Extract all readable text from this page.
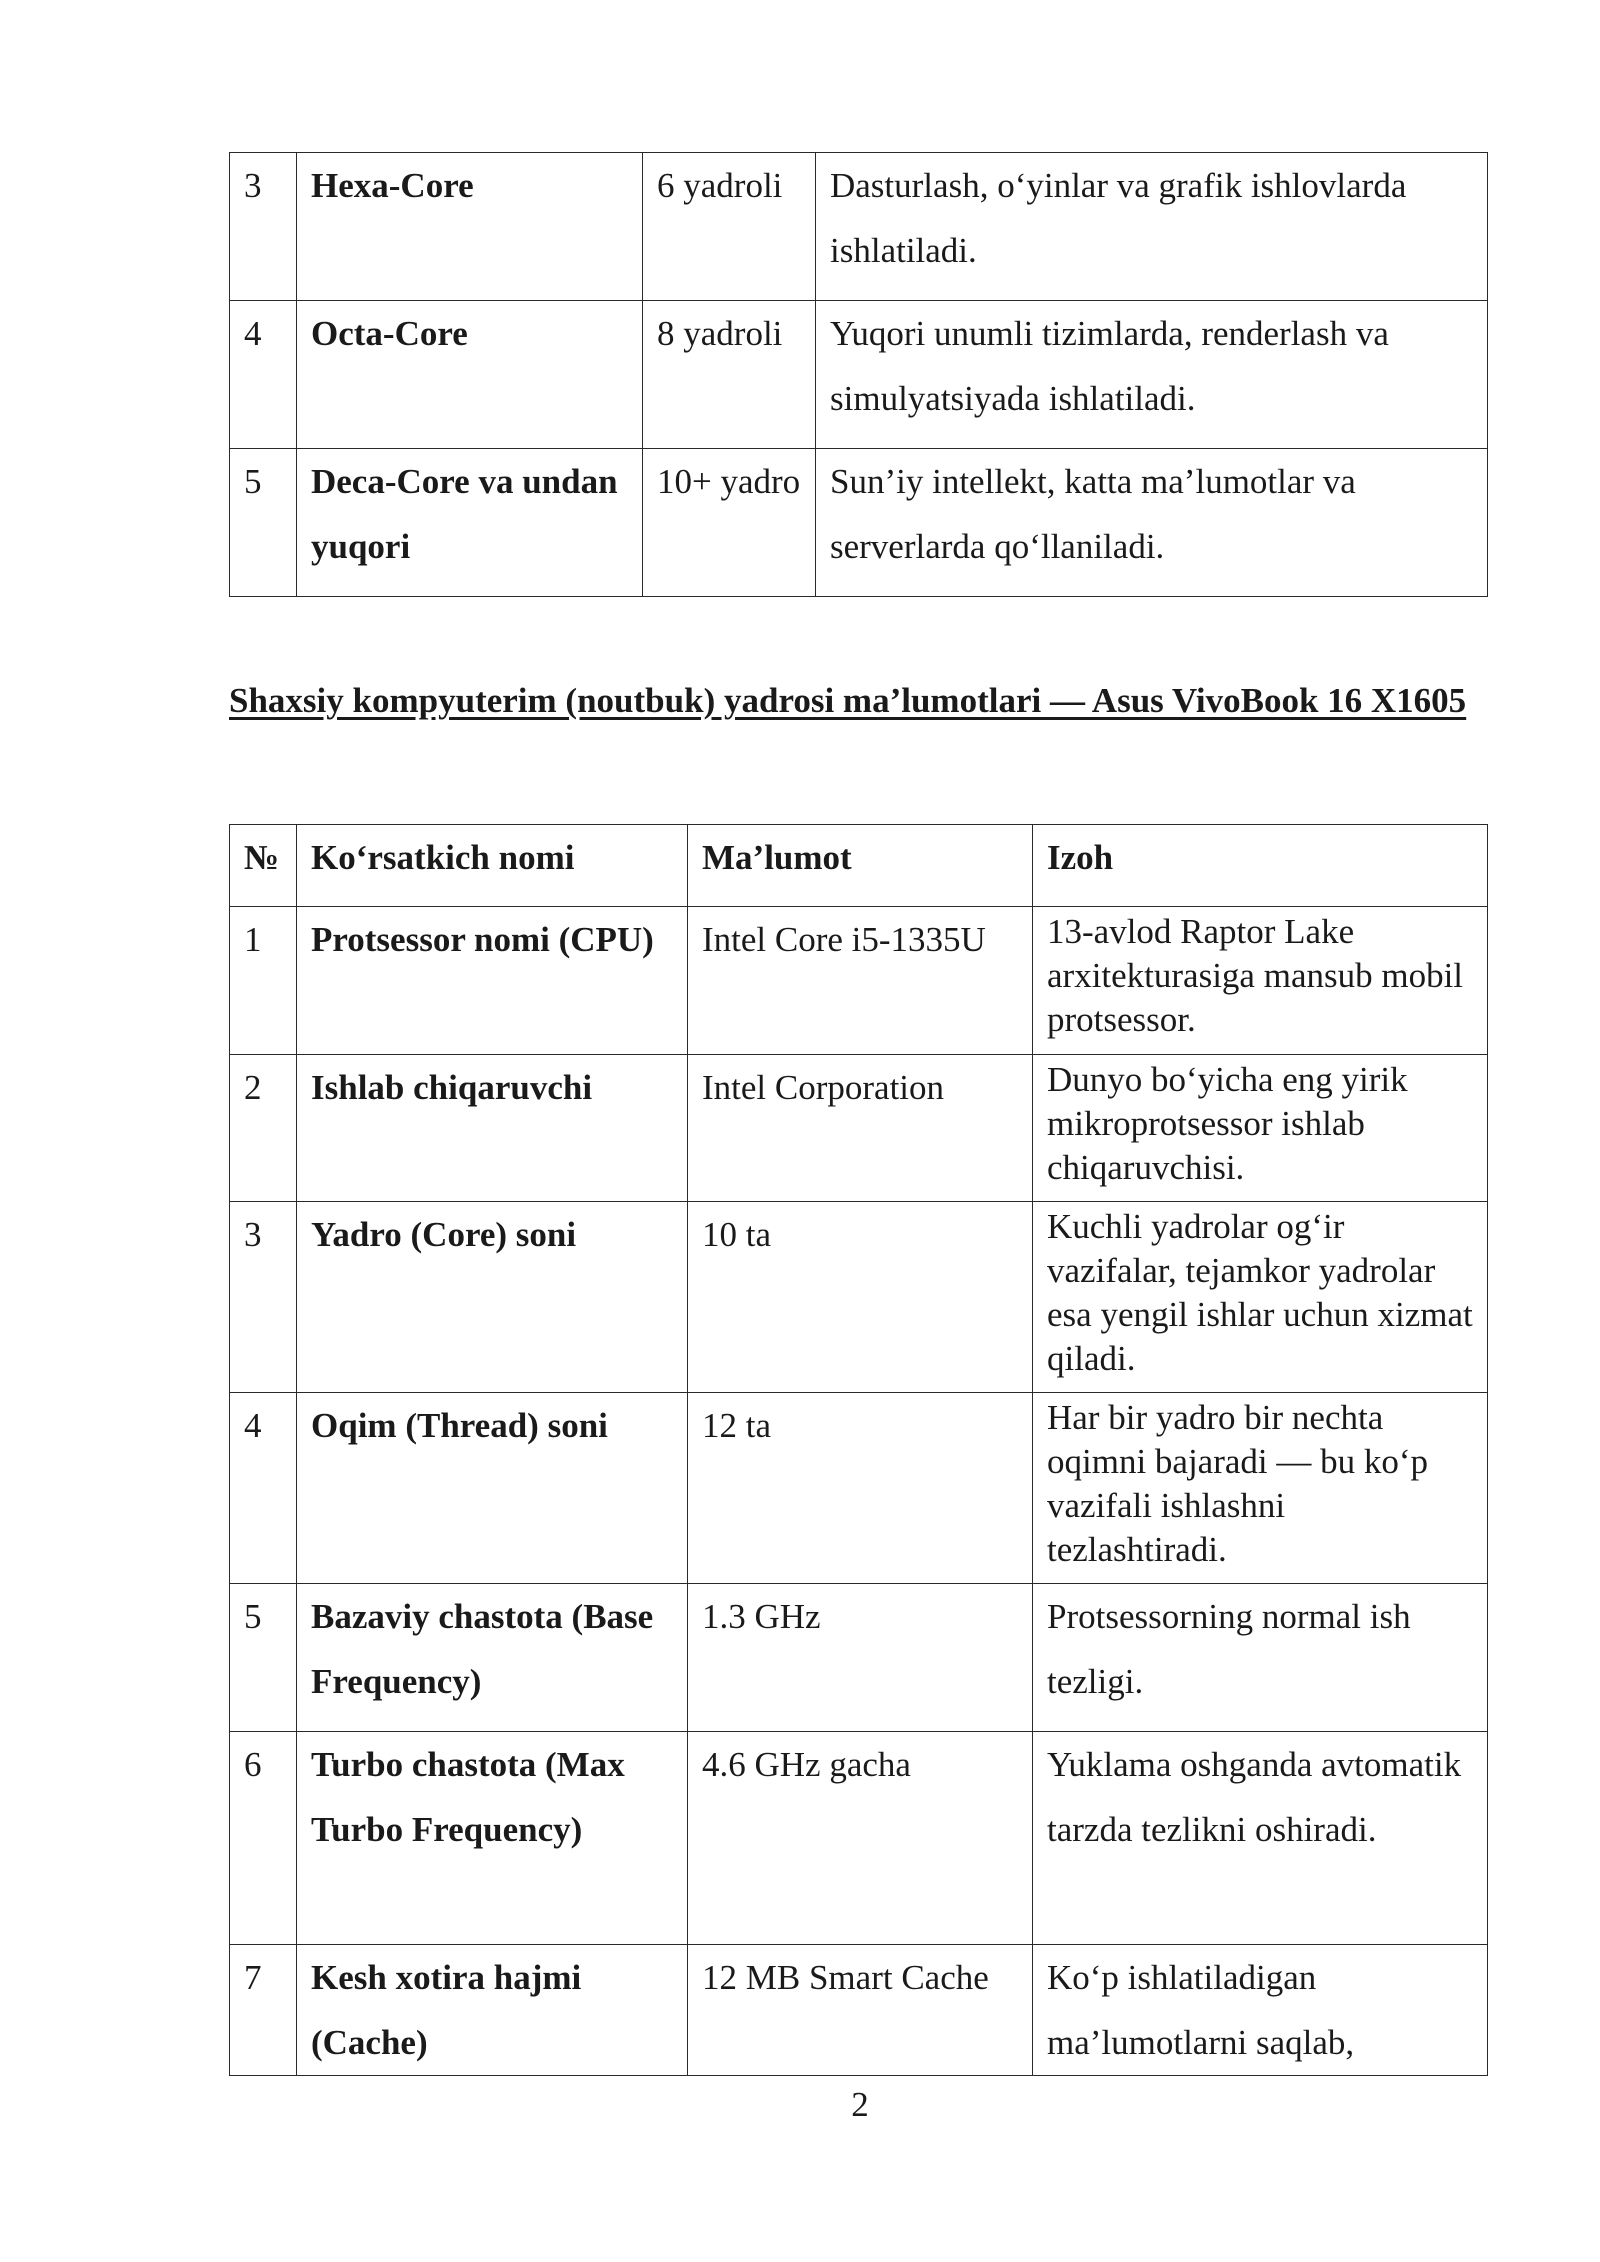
3	Hexa-Core	6 yadroli	Dasturlash, o‘yinlar va grafik ishlovlarda ishlatiladi.
4	Octa-Core	8 yadroli	Yuqori unumli tizimlarda, renderlash va simulyatsiyada ishlatiladi.
5	Deca-Core va undan yuqori	10+ yadro	Sun’iy intellekt, katta ma’lumotlar va serverlarda qo‘llaniladi.
Shaxsiy kompyuterim (noutbuk) yadrosi ma’lumotlari — Asus VivoBook 16 X1605
№	Ko‘rsatkich nomi	Ma’lumot	Izoh
1	Protsessor nomi (CPU)	Intel Core i5-1335U	13-avlod Raptor Lake arxitekturasiga mansub mobil protsessor.
2	Ishlab chiqaruvchi	Intel Corporation	Dunyo bo‘yicha eng yirik mikroprotsessor ishlab chiqaruvchisi.
3	Yadro (Core) soni	10 ta	Kuchli yadrolar og‘ir vazifalar, tejamkor yadrolar esa yengil ishlar uchun xizmat qiladi.
4	Oqim (Thread) soni	12 ta	Har bir yadro bir nechta oqimni bajaradi — bu ko‘p vazifali ishlashni tezlashtiradi.
5	Bazaviy chastota (Base Frequency)	1.3 GHz	Protsessorning normal ish tezligi.
6	Turbo chastota (Max Turbo Frequency)	4.6 GHz gacha	Yuklama oshganda avtomatik tarzda tezlikni oshiradi.
7	Kesh xotira hajmi (Cache)	12 MB Smart Cache	Ko‘p ishlatiladigan ma’lumotlarni saqlab,
2
